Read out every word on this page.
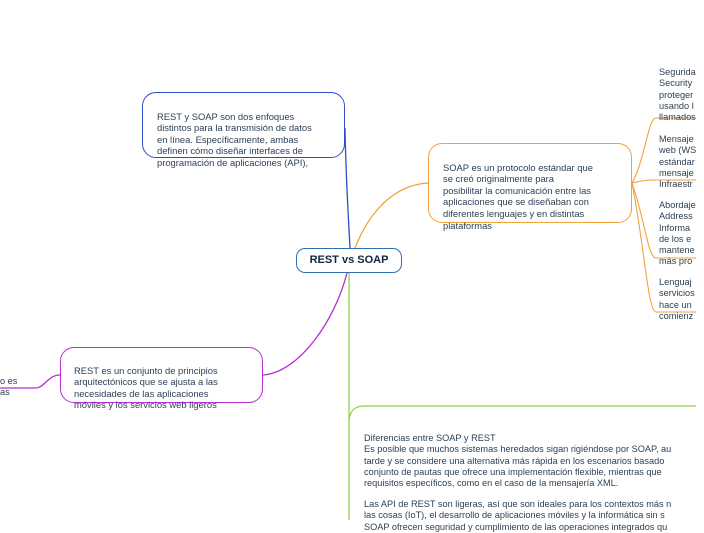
REST vs SOAP

REST y SOAP son dos enfoques
distintos para la transmisión de datos
en línea. Específicamente, ambas
definen cómo diseñar interfaces de
programación de aplicaciones (API),	SOAP es un protocolo estándar que
se creó originalmente para
posibilitar la comunicación entre las
aplicaciones que se diseñaban con
diferentes lenguajes y en distintas
plataformas

REST es un conjunto de principios
arquitectónicos que se ajusta a las
necesidades de las aplicaciones
móviles y los servicios web ligeros

Segurida
Security
proteger
usando l
llamados

Mensaje
web (WS
estándar
mensaje
Infraestr

Abordaje
Address
Informa
de los e
mantene
más pro

Lenguaj
servicios
hace un
comienz

o es
as

Diferencias entre SOAP y REST
Es posible que muchos sistemas heredados sigan rigiéndose por SOAP, au
tarde y se considere una alternativa más rápida en los escenarios basado
conjunto de pautas que ofrece una implementación flexible, mientras que
requisitos específicos, como en el caso de la mensajería XML.

Las API de REST son ligeras, así que son ideales para los contextos más n
las cosas (IoT), el desarrollo de aplicaciones móviles y la informática sin s
SOAP ofrecen seguridad y cumplimiento de las operaciones integrados qu
